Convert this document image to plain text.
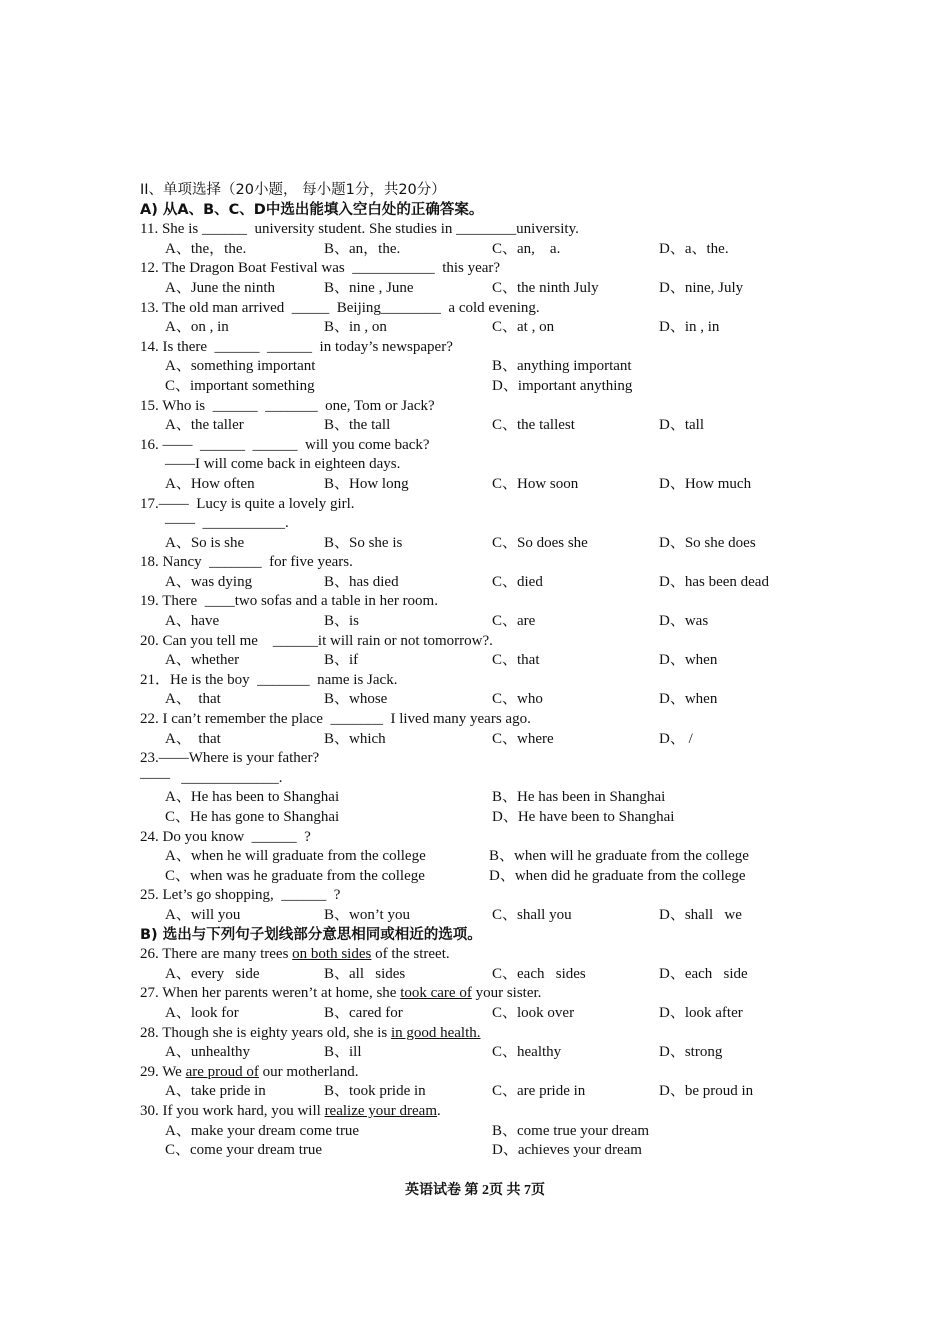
II、单项选择（20小题， 每小题1分，共20分）
A) 从A、B、C、D中选出能填入空白处的正确答案。
11. She is ______  university student. She studies in ________university.
A、the，the.	B、an，the.	C、an,    a.	D、a、the.
12. The Dragon Boat Festival was  ___________  this year?
A、June the ninth	B、nine , June	C、the ninth July	D、nine, July
13. The old man arrived  _____  Beijing________  a cold evening.
A、on , in	B、in , on	C、at , on	D、in , in
14. Is there  ______  ______  in today’s newspaper?
A、something important	B、anything important
C、important something	D、important anything
15. Who is  ______  _______  one, Tom or Jack?
A、the taller	B、the tall	C、the tallest	D、tall
16. ——  ______  ______  will you come back?
——I will come back in eighteen days.
A、How often	B、How long	C、How soon	D、How much
17.——  Lucy is quite a lovely girl.
——  ___________.
A、So is she	B、So she is	C、So does she	D、So she does
18. Nancy  _______  for five years.
A、was dying	B、has died	C、died	D、has been dead
19. There  ____two sofas and a table in her room.
A、have	B、is	C、are	D、was
20. Can you tell me    ______it will rain or not tomorrow?.
A、whether	B、if	C、that	D、when
21．He is the boy  _______  name is Jack.
A、  that	B、whose	C、who	D、when
22. I can’t remember the place  _______  I lived many years ago.
A、  that	B、which	C、where	D、 /
23.——Where is your father?
——   _____________.
A、He has been to Shanghai	B、He has been in Shanghai
C、He has gone to Shanghai	D、He have been to Shanghai
24. Do you know  ______  ?
A、when he will graduate from the college	B、when will he graduate from the college
C、when was he graduate from the college	D、when did he graduate from the college
25. Let’s go shopping,  ______  ?
A、will you	B、won’t you	C、shall you	D、shall   we
B) 选出与下列句子划线部分意思相同或相近的选项。
26. There are many trees on both sides of the street.
A、every   side	B、all   sides	C、each   sides	D、each   side
27. When her parents weren’t at home, she took care of your sister.
A、look for	B、cared for	C、look over	D、look after
28. Though she is eighty years old, she is in good health.
A、unhealthy	B、ill	C、healthy	D、strong
29. We are proud of our motherland.
A、take pride in	B、took pride in	C、are pride in	D、be proud in
30. If you work hard, you will realize your dream.
A、make your dream come true	B、come true your dream
C、come your dream true	D、achieves your dream
英语试卷 第 2页 共 7页
